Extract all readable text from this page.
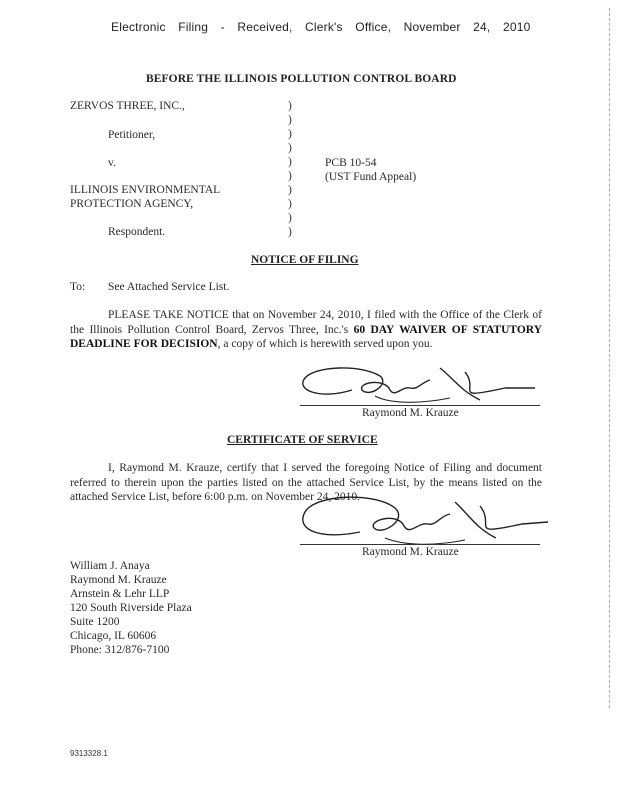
Electronic Filing - Received, Clerk's Office, November 24, 2010
BEFORE THE ILLINOIS POLLUTION CONTROL BOARD
ZERVOS THREE, INC.,
Petitioner,
v.
ILLINOIS ENVIRONMENTAL
PROTECTION AGENCY,
Respondent.
)
)
)
)
)
)
)
)
)
)
PCB 10-54
(UST Fund Appeal)
NOTICE OF FILING
To: See Attached Service List.
PLEASE TAKE NOTICE that on November 24, 2010, I filed with the Office of the Clerk of the Illinois Pollution Control Board, Zervos Three, Inc.'s 60 DAY WAIVER OF STATUTORY DEADLINE FOR DECISION, a copy of which is herewith served upon you.
Raymond M. Krauze
CERTIFICATE OF SERVICE
I, Raymond M. Krauze, certify that I served the foregoing Notice of Filing and document referred to therein upon the parties listed on the attached Service List, by the means listed on the attached Service List, before 6:00 p.m. on November 24, 2010.
Raymond M. Krauze
William J. Anaya
Raymond M. Krauze
Arnstein & Lehr LLP
120 South Riverside Plaza
Suite 1200
Chicago, IL 60606
Phone: 312/876-7100
9313328.1
